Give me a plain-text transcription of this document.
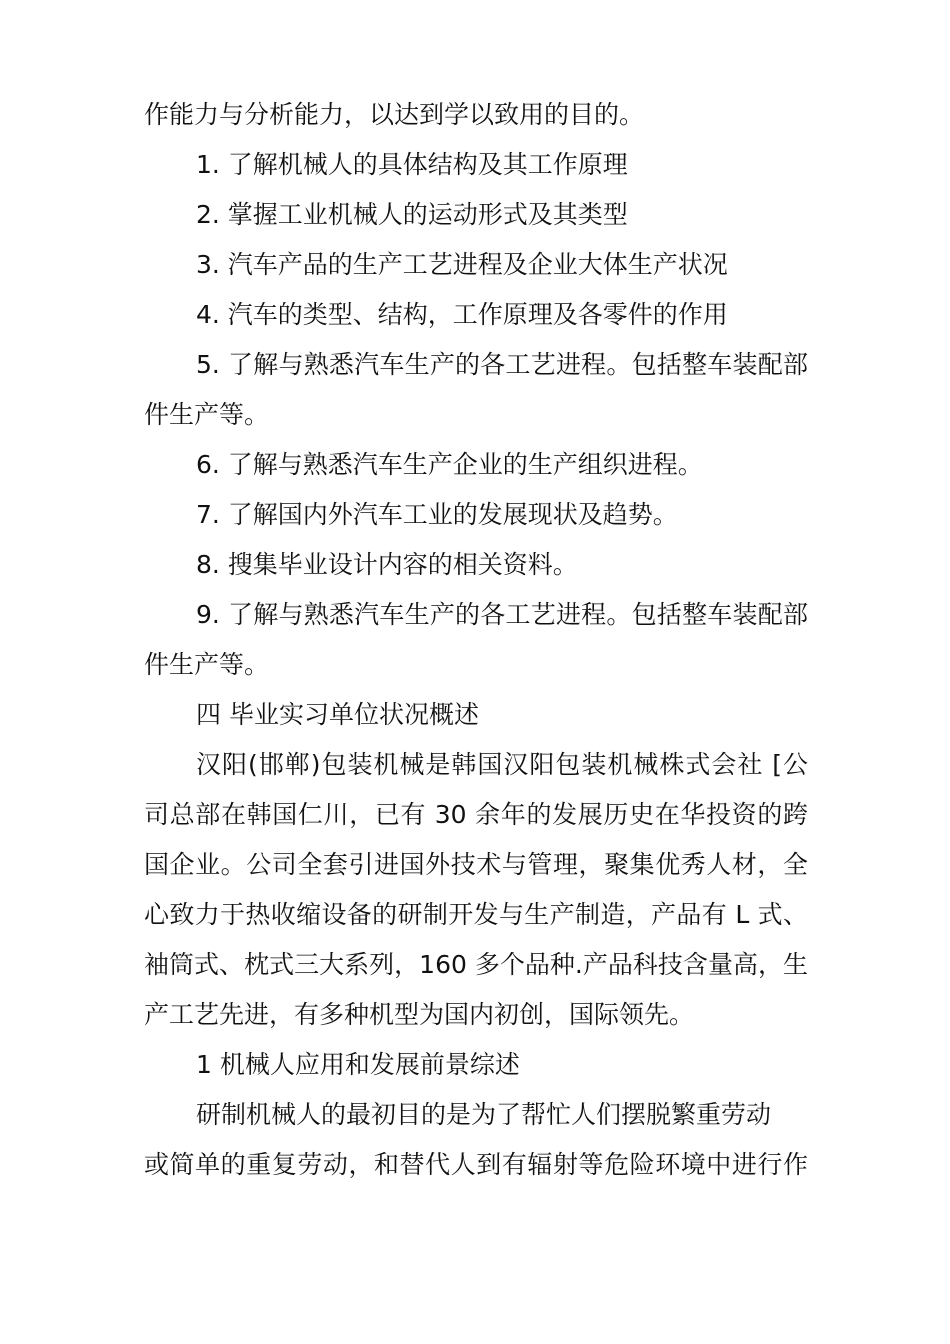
作能力与分析能力，以达到学以致用的目的。
1. 了解机械人的具体结构及其工作原理
2. 掌握工业机械人的运动形式及其类型
3. 汽车产品的生产工艺进程及企业大体生产状况
4. 汽车的类型、结构，工作原理及各零件的作用
5. 了解与熟悉汽车生产的各工艺进程。包括整车装配部
件生产等。
6. 了解与熟悉汽车生产企业的生产组织进程。
7. 了解国内外汽车工业的发展现状及趋势。
8. 搜集毕业设计内容的相关资料。
9. 了解与熟悉汽车生产的各工艺进程。包括整车装配部
件生产等。
四 毕业实习单位状况概述
汉阳(邯郸)包装机械是韩国汉阳包装机械株式会社 [公
司总部在韩国仁川，已有 30 余年的发展历史在华投资的跨
国企业。公司全套引进国外技术与管理，聚集优秀人材，全
心致力于热收缩设备的研制开发与生产制造，产品有 L 式、
袖筒式、枕式三大系列，160 多个品种.产品科技含量高，生
产工艺先进，有多种机型为国内初创，国际领先。
1 机械人应用和发展前景综述
研制机械人的最初目的是为了帮忙人们摆脱繁重劳动
或简单的重复劳动，和替代人到有辐射等危险环境中进行作
